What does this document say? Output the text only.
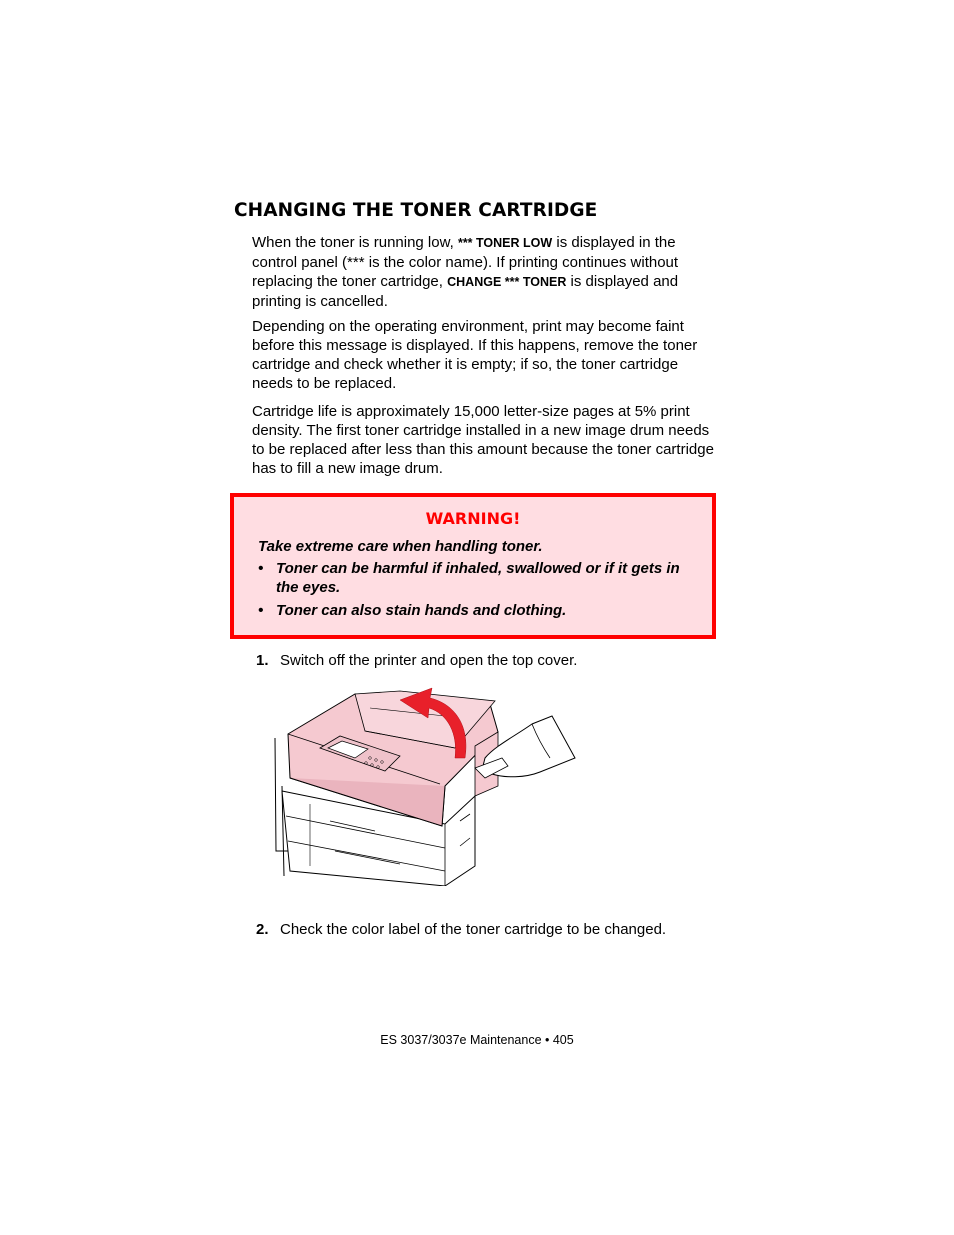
CHANGING THE TONER CARTRIDGE

When the toner is running low, *** TONER LOW is displayed in the control panel (*** is the color name). If printing continues without replacing the toner cartridge, CHANGE *** TONER is displayed and printing is cancelled.

Depending on the operating environment, print may become faint before this message is displayed. If this happens, remove the toner cartridge and check whether it is empty; if so, the toner cartridge needs to be replaced.

Cartridge life is approximately 15,000 letter-size pages at 5% print density. The first toner cartridge installed in a new image drum needs to be replaced after less than this amount because the toner cartridge has to fill a new image drum.

WARNING!

Take extreme care when handling toner.

• Toner can be harmful if inhaled, swallowed or if it gets in the eyes.
• Toner can also stain hands and clothing.
1. Switch off the printer and open the top cover.
2. Check the color label of the toner cartridge to be changed.
ES 3037/3037e Maintenance • 405
